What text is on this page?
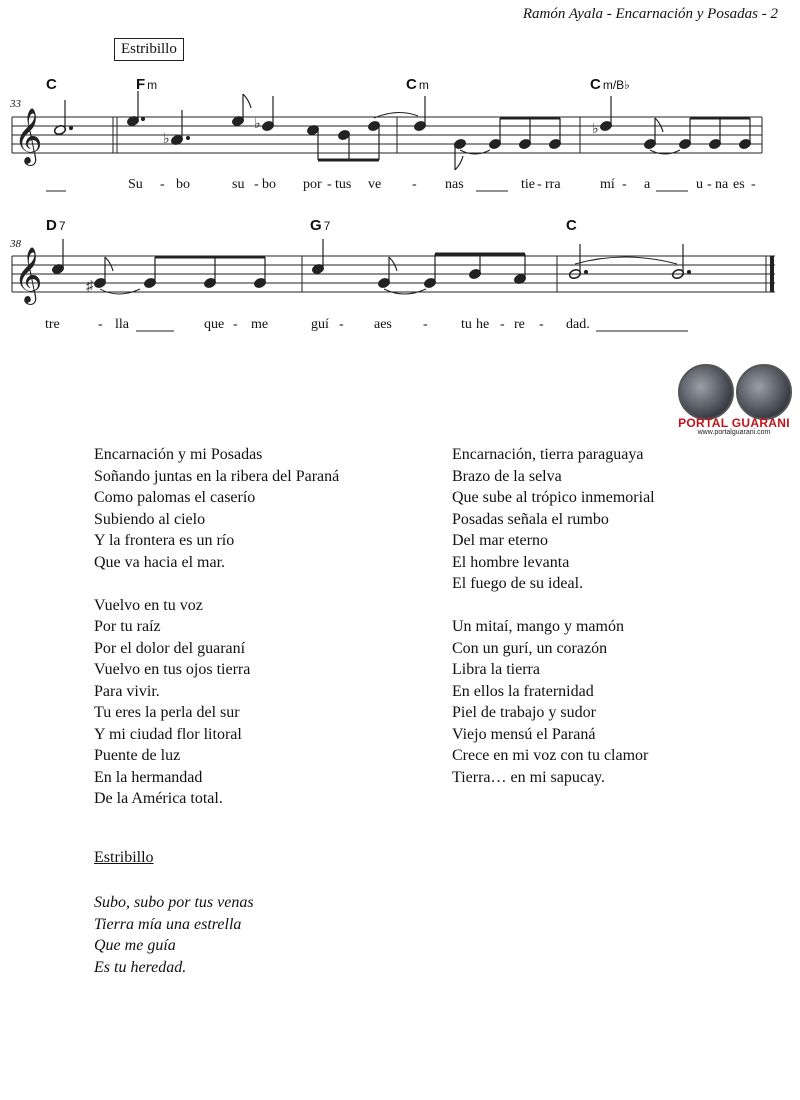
Ramón Ayala - Encarnación y Posadas - 2
Estribillo
C	F m	C m	C m/B♭
D 7	G 7	C
33
38
𝄞
𝄞
♭
♭	♭
♯
Su - bo	su - bo por - tus ve - nas	tie - rra	mí - a	u - na es -
tre	- lla	que - me	guí - aes - tu he - re - dad.
PORTAL GUARANI
www.portalguarani.com
Encarnación y mi Posadas
Soñando juntas en la ribera del Paraná
Como palomas el caserío
Subiendo al cielo
Y la frontera es un río
Que va hacia el mar.
Vuelvo en tu voz
Por tu raíz
Por el dolor del guaraní
Vuelvo en tus ojos tierra
Para vivir.
Tu eres la perla del sur
Y mi ciudad flor litoral
Puente de luz
En la hermandad
De la América total.
Encarnación, tierra paraguaya
Brazo de la selva
Que sube al trópico inmemorial
Posadas señala el rumbo
Del mar eterno
El hombre levanta
El fuego de su ideal.
Un mitaí, mango y mamón
Con un gurí, un corazón
Libra la tierra
En ellos la fraternidad
Piel de trabajo y sudor
Viejo mensú el Paraná
Crece en mi voz con tu clamor
Tierra… en mi sapucay.
Estribillo
Subo, subo por tus venas
Tierra mía una estrella
Que me guía
Es tu heredad.
